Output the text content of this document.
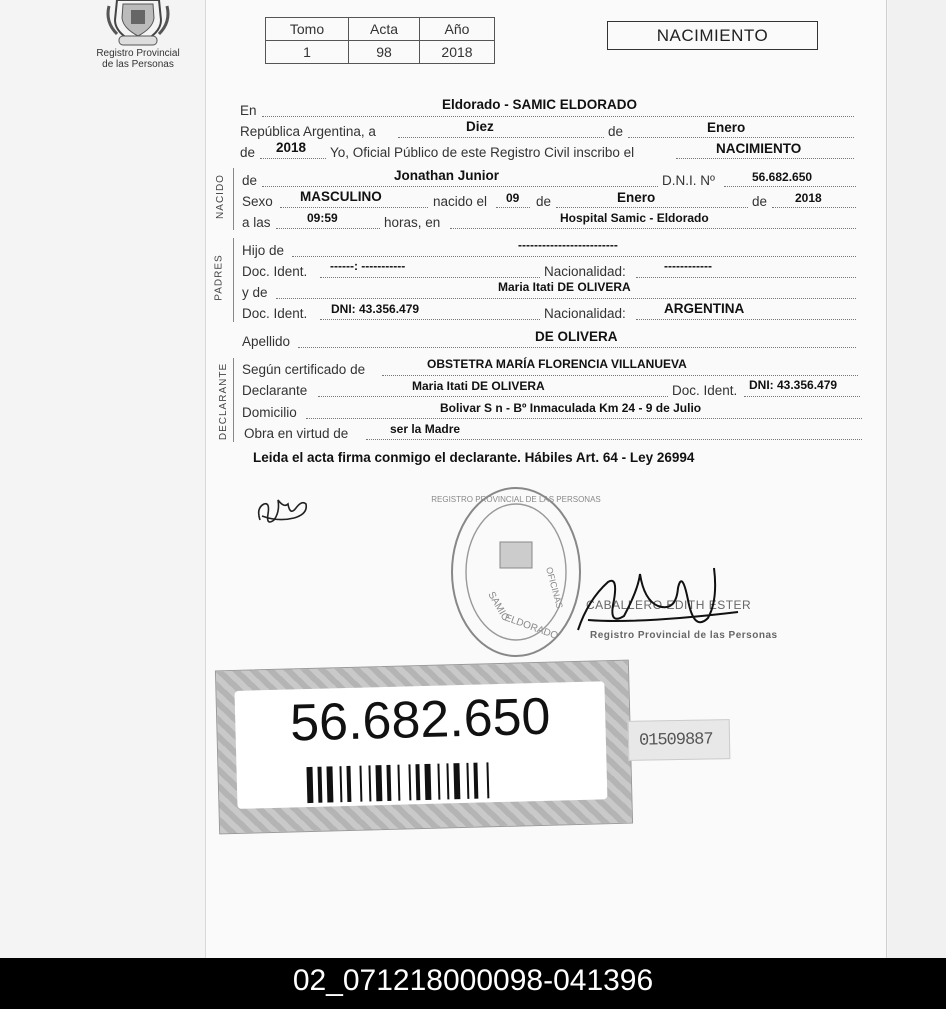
Registro Provincial
de las Personas
Tomo	Acta	Año
1	98	2018
NACIMIENTO
En	Eldorado - SAMIC ELDORADO
República Argentina, a	Diez	de	Enero
de 2018 Yo, Oficial Público de este Registro Civil inscribo el	NACIMIENTO
NACIDO de	Jonathan Junior	D.N.I. Nº	56.682.650
Sexo MASCULINO	nacido el 09 de	Enero	de 2018
a las	09:59	horas, en	Hospital Samic - Eldorado
PADRES
Hijo de	-------------------------
Doc. Ident. ------: -----------	Nacionalidad:	------------
y de	Maria Itati DE OLIVERA
Doc. Ident. DNI: 43.356.479	Nacionalidad:	ARGENTINA
Apellido	DE OLIVERA
DECLARANTE Según certificado de	OBSTETRA MARÍA FLORENCIA VILLANUEVA
Declarante	Maria Itati DE OLIVERA	Doc. Ident. DNI: 43.356.479
Domicilio	Bolivar S n - Bº Inmaculada Km 24 - 9 de Julio
Obra en virtud de	ser la Madre
Leida el acta firma conmigo el declarante. Hábiles Art. 64 - Ley 26994
REGISTRO PROVINCIAL DE LAS PERSONAS
SAMIC
ELDORADO
OFICINAS CABALLERO EDITH ESTER
Registro Provincial de las Personas
56.682.650	01509887
02_071218000098-041396
